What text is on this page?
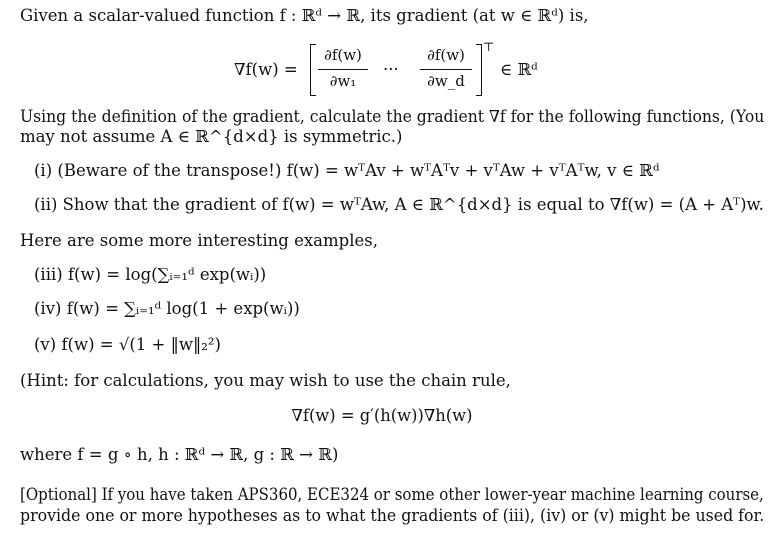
Given a scalar-valued function f : ℝᵈ → ℝ, its gradient (at w ∈ ℝᵈ) is,
∇f(w) =
∂f(w)
∂w₁
···
∂f(w)
∂w_d
⊤
∈ ℝᵈ
Using the definition of the gradient, calculate the gradient ∇f for the following functions, (You
may not assume A ∈ ℝ^{d×d} is symmetric.)
(i) (Beware of the transpose!) f(w) = wᵀAv + wᵀAᵀv + vᵀAw + vᵀAᵀw, v ∈ ℝᵈ
(ii) Show that the gradient of f(w) = wᵀAw, A ∈ ℝ^{d×d} is equal to ∇f(w) = (A + Aᵀ)w.
Here are some more interesting examples,
(iii) f(w) = log(∑ᵢ₌₁ᵈ exp(wᵢ))
(iv) f(w) = ∑ᵢ₌₁ᵈ log(1 + exp(wᵢ))
(v) f(w) = √(1 + ‖w‖₂²)
(Hint: for calculations, you may wish to use the chain rule,
∇f(w) = g′(h(w))∇h(w)
where f = g ∘ h, h : ℝᵈ → ℝ, g : ℝ → ℝ)
[Optional] If you have taken APS360, ECE324 or some other lower-year machine learning course,
provide one or more hypotheses as to what the gradients of (iii), (iv) or (v) might be used for.
